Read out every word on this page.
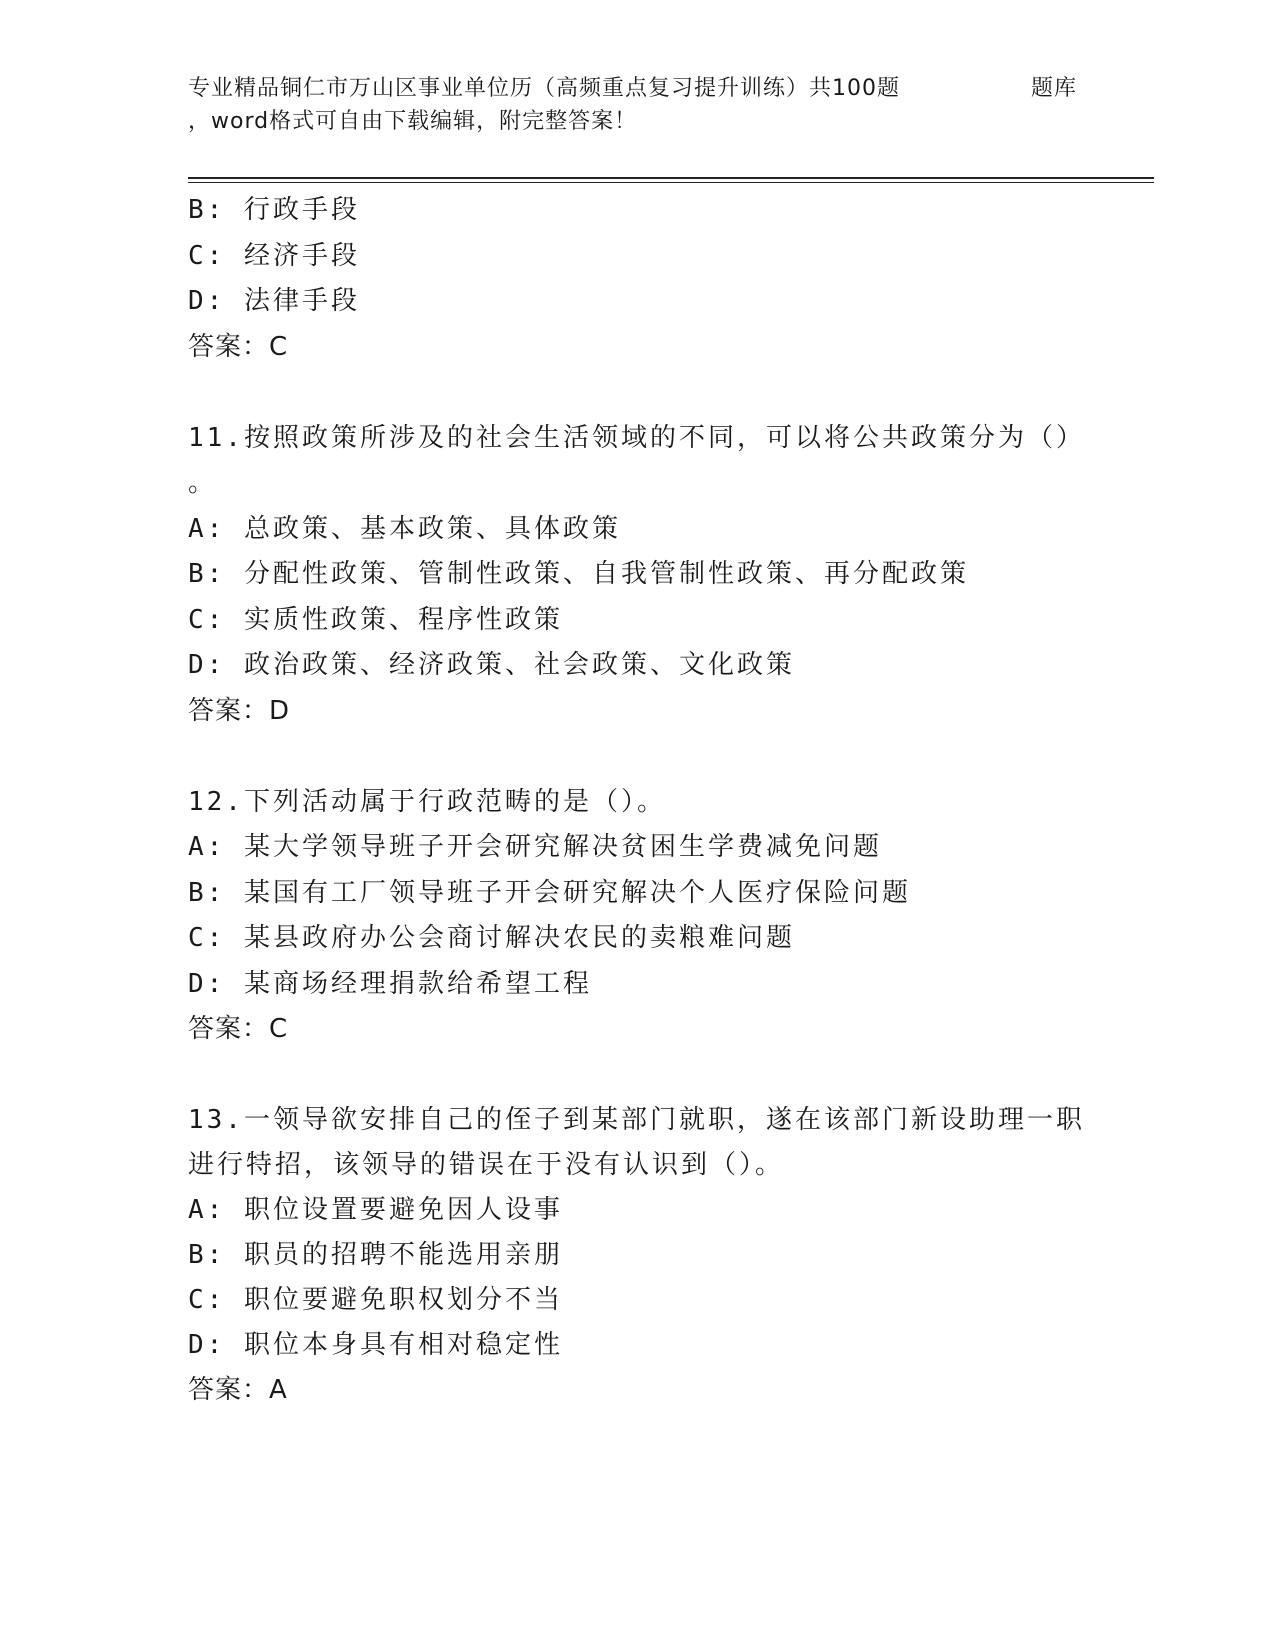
专业精品铜仁市万山区事业单位历（高频重点复习提升训练）共100题	题库
，word格式可自由下载编辑，附完整答案！
B: 行政手段
C: 经济手段
D: 法律手段
答案：C
11.按照政策所涉及的社会生活领域的不同，可以将公共政策分为（）
。
A: 总政策、基本政策、具体政策
B: 分配性政策、管制性政策、自我管制性政策、再分配政策
C: 实质性政策、程序性政策
D: 政治政策、经济政策、社会政策、文化政策
答案：D
12.下列活动属于行政范畴的是（）。
A: 某大学领导班子开会研究解决贫困生学费减免问题
B: 某国有工厂领导班子开会研究解决个人医疗保险问题
C: 某县政府办公会商讨解决农民的卖粮难问题
D: 某商场经理捐款给希望工程
答案：C
13.一领导欲安排自己的侄子到某部门就职，遂在该部门新设助理一职
进行特招，该领导的错误在于没有认识到（）。
A: 职位设置要避免因人设事
B: 职员的招聘不能选用亲朋
C: 职位要避免职权划分不当
D: 职位本身具有相对稳定性
答案：A
